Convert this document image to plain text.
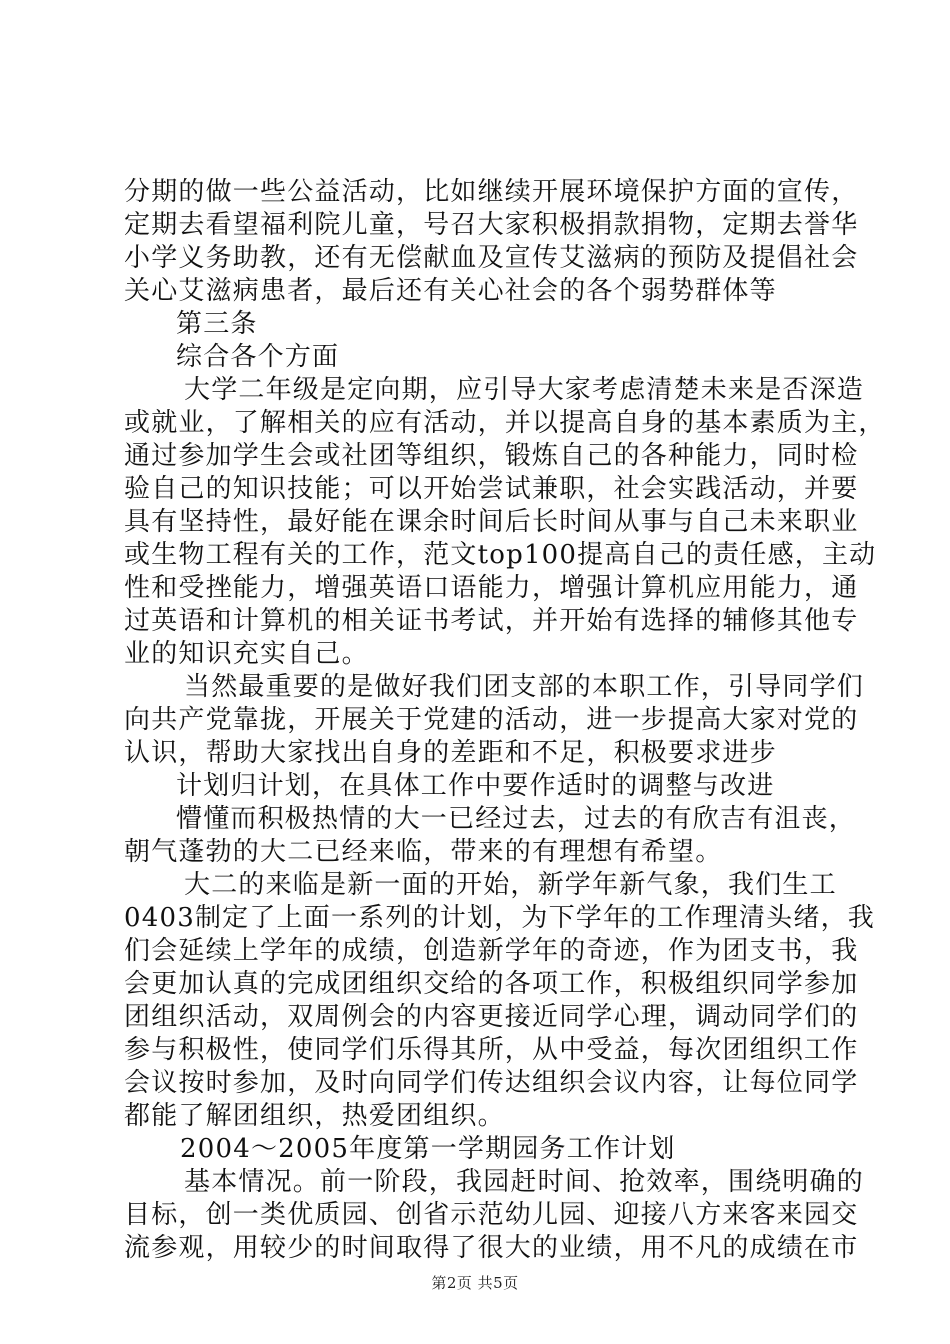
分期的做一些公益活动，比如继续开展环境保护方面的宣传，
定期去看望福利院儿童，号召大家积极捐款捐物，定期去誉华
小学义务助教，还有无偿献血及宣传艾滋病的预防及提倡社会
关心艾滋病患者，最后还有关心社会的各个弱势群体等
第三条
综合各个方面
大学二年级是定向期，应引导大家考虑清楚未来是否深造
或就业，了解相关的应有活动，并以提高自身的基本素质为主，
通过参加学生会或社团等组织，锻炼自己的各种能力，同时检
验自己的知识技能；可以开始尝试兼职，社会实践活动，并要
具有坚持性，最好能在课余时间后长时间从事与自己未来职业
或生物工程有关的工作，范文top100提高自己的责任感，主动
性和受挫能力，增强英语口语能力，增强计算机应用能力，通
过英语和计算机的相关证书考试，并开始有选择的辅修其他专
业的知识充实自己。
当然最重要的是做好我们团支部的本职工作，引导同学们
向共产党靠拢，开展关于党建的活动，进一步提高大家对党的
认识，帮助大家找出自身的差距和不足，积极要求进步
计划归计划，在具体工作中要作适时的调整与改进
懵懂而积极热情的大一已经过去，过去的有欣吉有沮丧，
朝气蓬勃的大二已经来临，带来的有理想有希望。
大二的来临是新一面的开始，新学年新气象，我们生工
0403制定了上面一系列的计划，为下学年的工作理清头绪，我
们会延续上学年的成绩，创造新学年的奇迹，作为团支书，我
会更加认真的完成团组织交给的各项工作，积极组织同学参加
团组织活动，双周例会的内容更接近同学心理，调动同学们的
参与积极性，使同学们乐得其所，从中受益，每次团组织工作
会议按时参加，及时向同学们传达组织会议内容，让每位同学
都能了解团组织，热爱团组织。
2004～2005年度第一学期园务工作计划
基本情况。前一阶段，我园赶时间、抢效率，围绕明确的
目标，创一类优质园、创省示范幼儿园、迎接八方来客来园交
流参观，用较少的时间取得了很大的业绩，用不凡的成绩在市
第2页 共5页
